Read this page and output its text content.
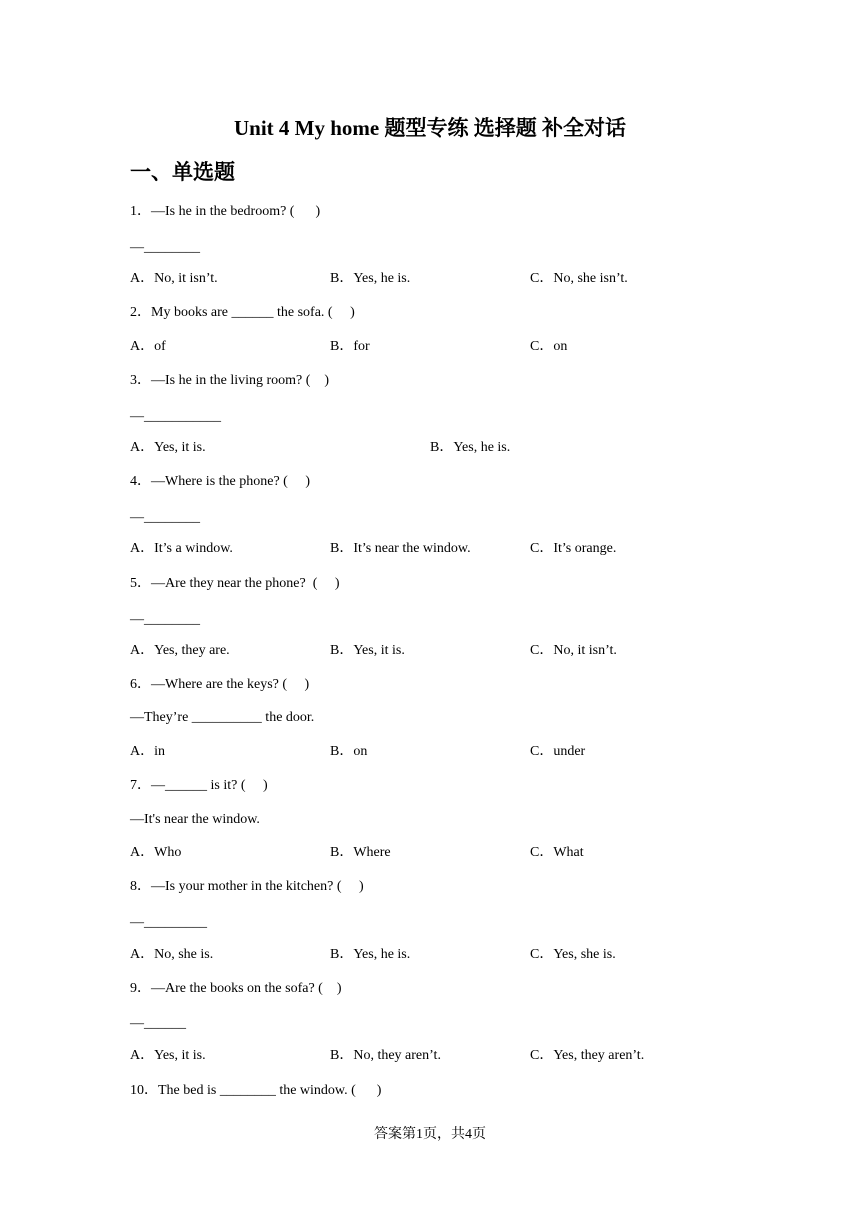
Unit 4 My home 题型专练 选择题 补全对话
一、单选题
1．—Is he in the bedroom? (      )
—________
A．No, it isn’t.	B．Yes, he is.	C．No, she isn’t.
2．My books are ______ the sofa. (     )
A．of	B．for	C．on
3．—Is he in the living room? (    )
—___________
A．Yes, it is.	B．Yes, he is.
4．—Where is the phone? (     )
—________
A．It’s a window.	B．It’s near the window.	C．It’s orange.
5．—Are they near the phone?  (     )
—________
A．Yes, they are.	B．Yes, it is.	C．No, it isn’t.
6．—Where are the keys? (     )
—They’re __________ the door.
A．in	B．on	C．under
7．—______ is it? (     )
—It's near the window.
A．Who	B．Where	C．What
8．—Is your mother in the kitchen? (     )
—_________
A．No, she is.	B．Yes, he is.	C．Yes, she is.
9．—Are the books on the sofa? (    )
—______
A．Yes, it is.	B．No, they aren’t.	C．Yes, they aren’t.
10．The bed is ________ the window. (      )
答案第1页，共4页
